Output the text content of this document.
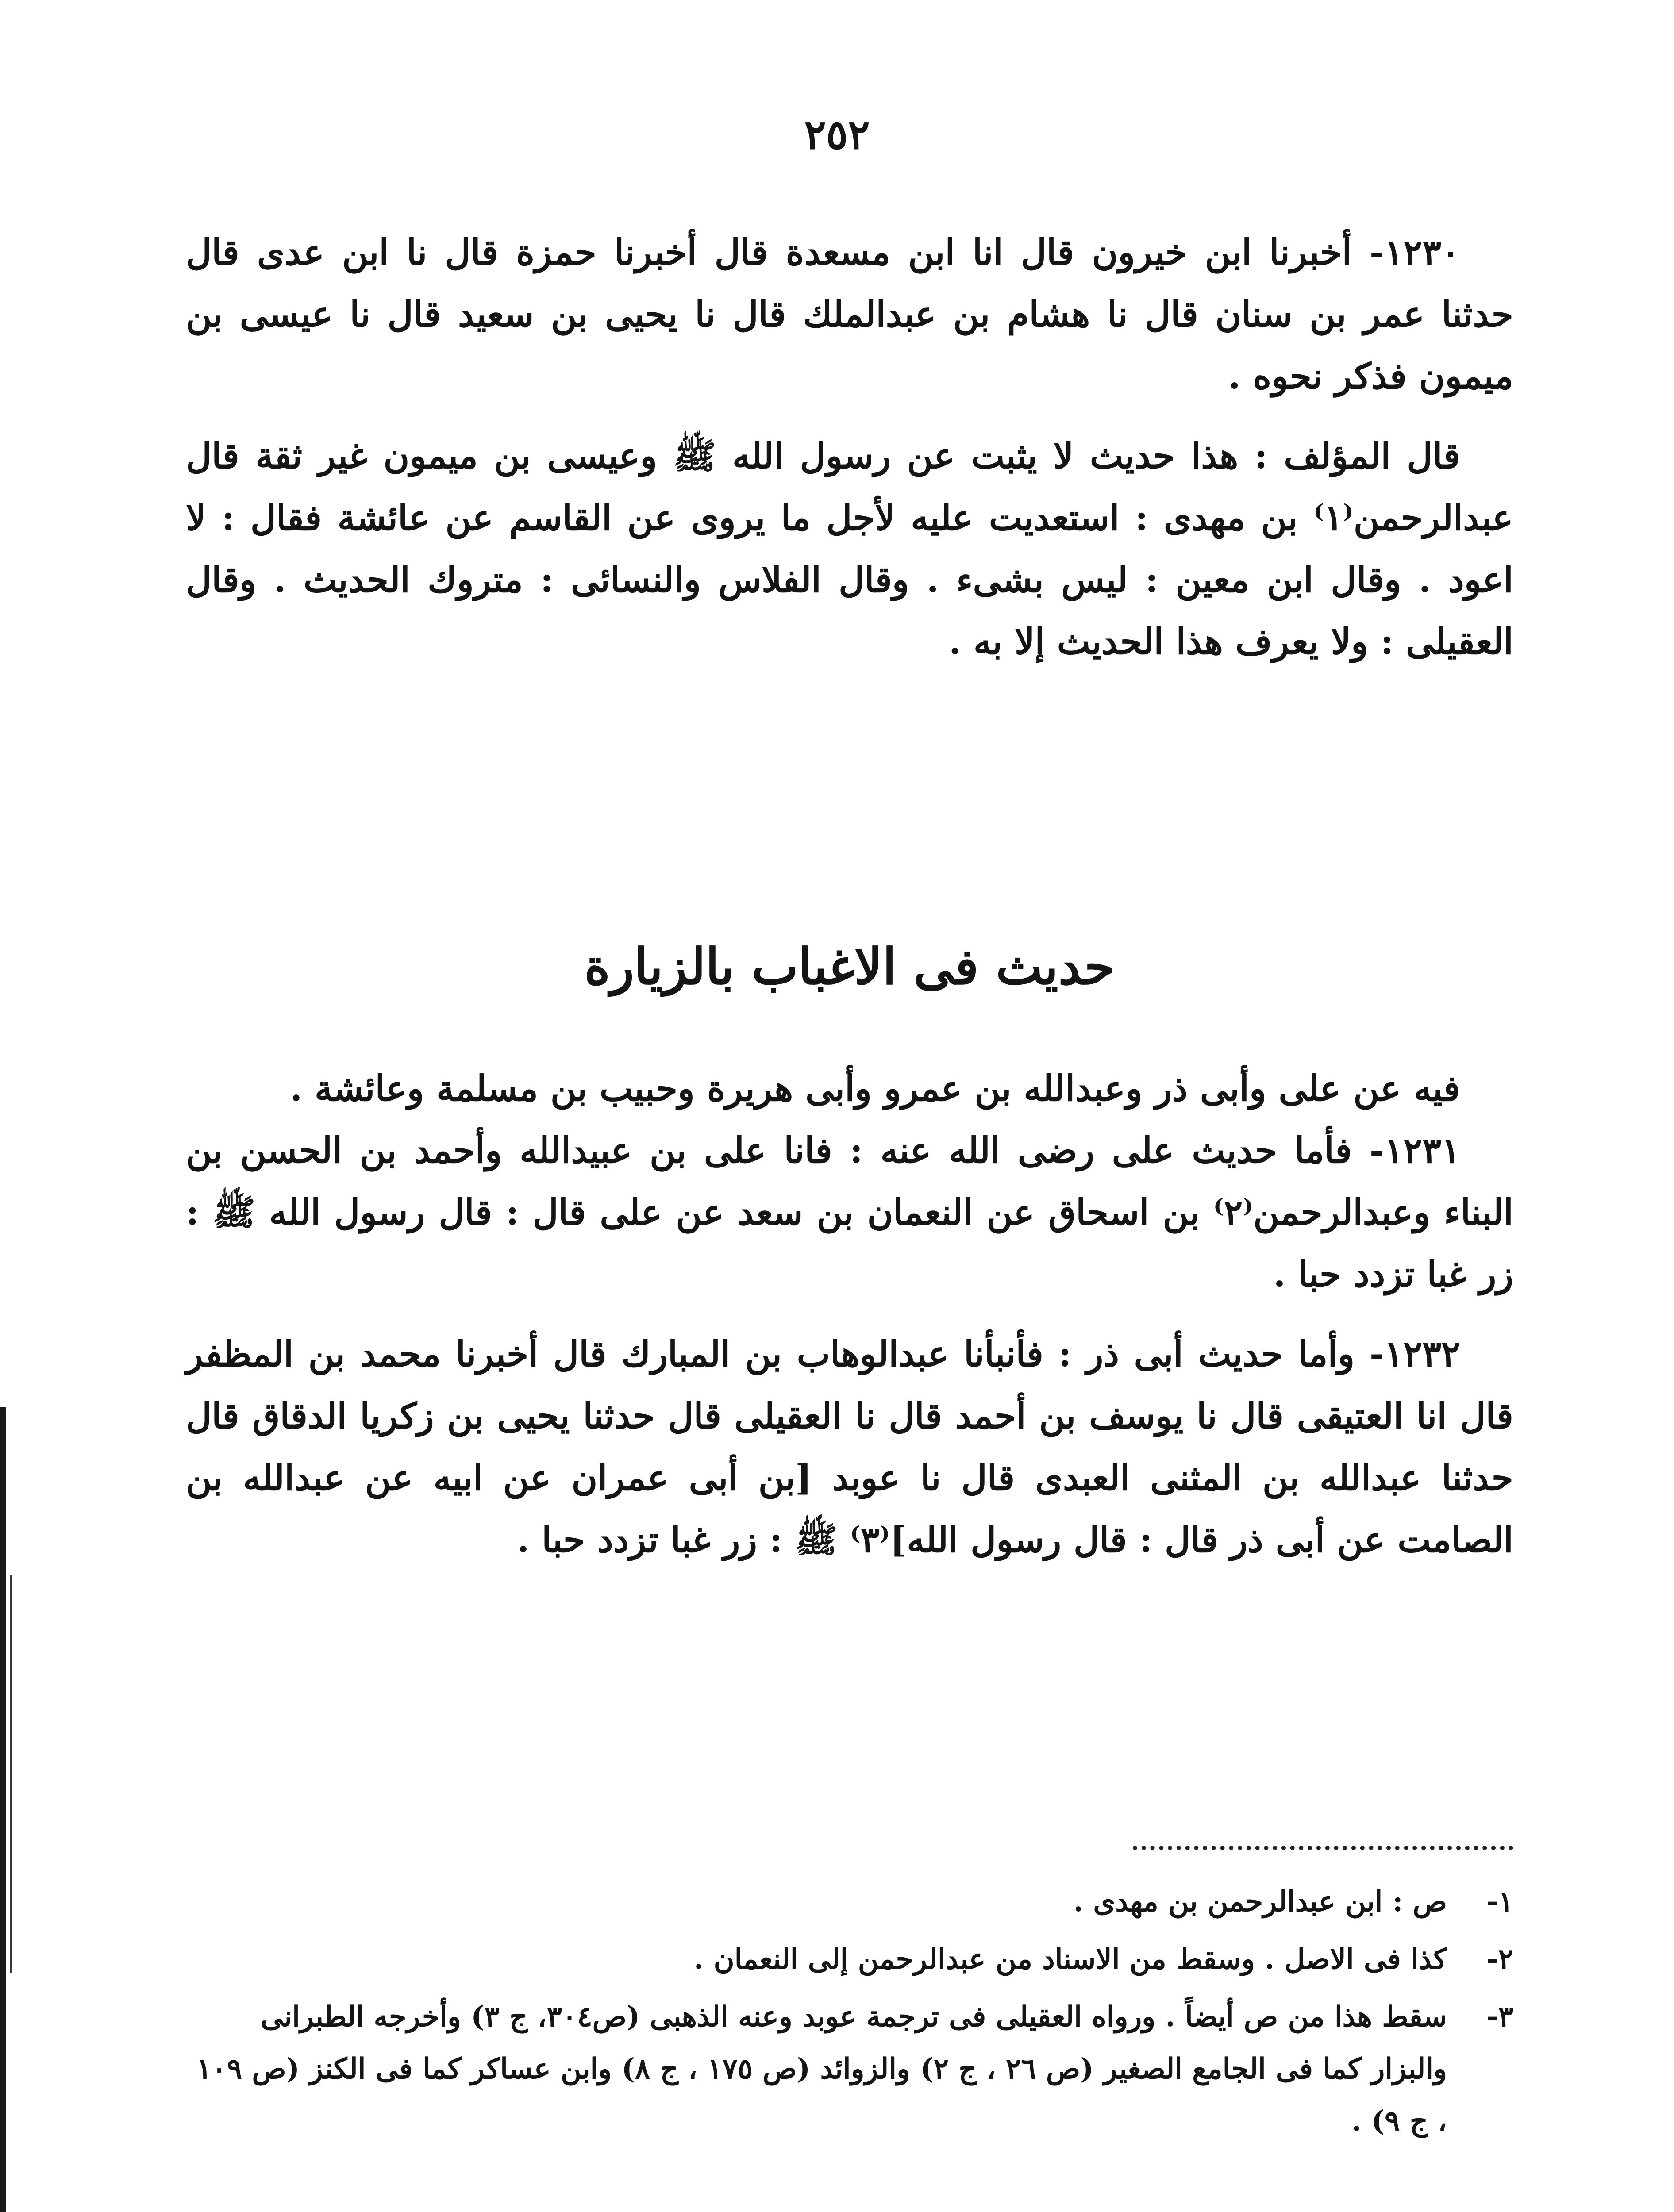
٢٥٢

١٢٣٠- أخبرنا ابن خيرون قال انا ابن مسعدة قال أخبرنا حمزة قال نا ابن عدى قال حدثنا عمر بن سنان قال نا هشام بن عبدالملك قال نا يحيى بن سعيد قال نا عيسى بن ميمون فذكر نحوه .

قال المؤلف : هذا حديث لا يثبت عن رسول الله ﷺ وعيسى بن ميمون غير ثقة قال عبدالرحمن⁽١⁾ بن مهدى : استعديت عليه لأجل ما يروى عن القاسم عن عائشة فقال : لا اعود . وقال ابن معين : ليس بشىء . وقال الفلاس والنسائى : متروك الحديث . وقال العقيلى : ولا يعرف هذا الحديث إلا به .

حديث فى الاغباب بالزيارة

فيه عن على وأبى ذر وعبدالله بن عمرو وأبى هريرة وحبيب بن مسلمة وعائشة .

١٢٣١- فأما حديث على رضى الله عنه : فانا على بن عبيدالله وأحمد بن الحسن بن البناء وعبدالرحمن⁽٢⁾ بن اسحاق عن النعمان بن سعد عن على قال : قال رسول الله ﷺ : زر غبا تزدد حبا .

١٢٣٢- وأما حديث أبى ذر : فأنبأنا عبدالوهاب بن المبارك قال أخبرنا محمد بن المظفر قال انا العتيقى قال نا يوسف بن أحمد قال نا العقيلى قال حدثنا يحيى بن زكريا الدقاق قال حدثنا عبدالله بن المثنى العبدى قال نا عوبد [بن أبى عمران عن ابيه عن عبدالله بن الصامت عن أبى ذر قال : قال رسول الله]⁽٣⁾ ﷺ : زر غبا تزدد حبا .

١-
ص : ابن عبدالرحمن بن مهدى .
٢-
كذا فى الاصل . وسقط من الاسناد من عبدالرحمن إلى النعمان .
٣-
سقط هذا من ص أيضاً . ورواه العقيلى فى ترجمة عوبد وعنه الذهبى (ص٣٠٤، ج ٣) وأخرجه الطبرانى والبزار كما فى الجامع الصغير (ص ٢٦ ، ج ٢) والزوائد (ص ١٧٥ ، ج ٨) وابن عساكر كما فى الكنز (ص ١٠٩ ، ج ٩) .
